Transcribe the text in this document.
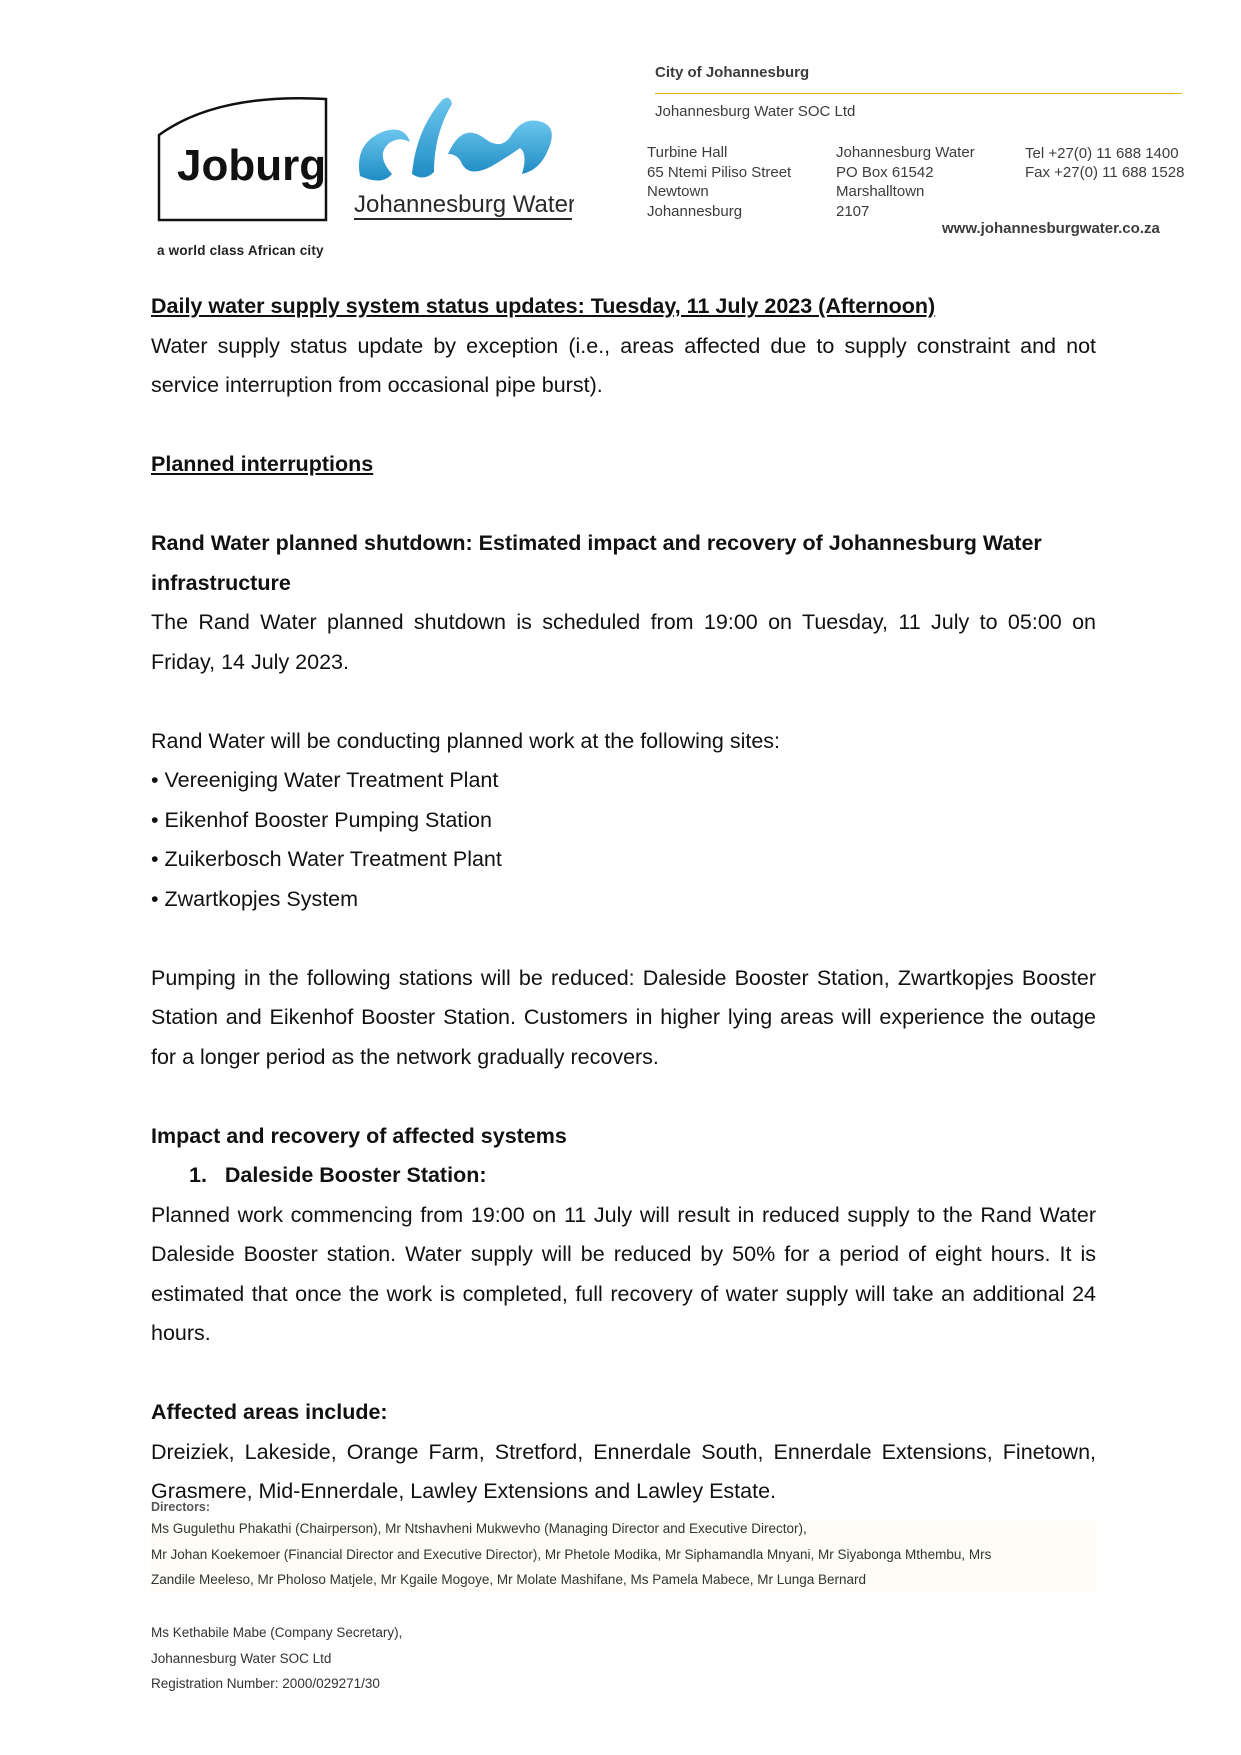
Joburg
a world class African city
Johannesburg Water
City of Johannesburg
Johannesburg Water SOC Ltd
Turbine Hall
65 Ntemi Piliso Street
Newtown
Johannesburg
Johannesburg Water
PO Box 61542
Marshalltown
2107
Tel +27(0) 11 688 1400
Fax +27(0) 11 688 1528
www.johannesburgwater.co.za

Daily water supply system status updates: Tuesday, 11 July 2023 (Afternoon)

Water supply status update by exception (i.e., areas affected due to supply constraint and not service interruption from occasional pipe burst).

Planned interruptions

Rand Water planned shutdown: Estimated impact and recovery of Johannesburg Water infrastructure

The Rand Water planned shutdown is scheduled from 19:00 on Tuesday, 11 July to 05:00 on Friday, 14 July 2023.

Rand Water will be conducting planned work at the following sites:

• Vereeniging Water Treatment Plant

• Eikenhof Booster Pumping Station

• Zuikerbosch Water Treatment Plant

• Zwartkopjes System

Pumping in the following stations will be reduced: Daleside Booster Station, Zwartkopjes Booster Station and Eikenhof Booster Station. Customers in higher lying areas will experience the outage for a longer period as the network gradually recovers.

Impact and recovery of affected systems

1. Daleside Booster Station:

Planned work commencing from 19:00 on 11 July will result in reduced supply to the Rand Water Daleside Booster station. Water supply will be reduced by 50% for a period of eight hours. It is estimated that once the work is completed, full recovery of water supply will take an additional 24 hours.

Affected areas include:

Dreiziek, Lakeside, Orange Farm, Stretford, Ennerdale South, Ennerdale Extensions, Finetown, Grasmere, Mid-Ennerdale, Lawley Extensions and Lawley Estate.

Directors:
Ms Gugulethu Phakathi (Chairperson), Mr Ntshavheni Mukwevho (Managing Director and Executive Director),
Mr Johan Koekemoer (Financial Director and Executive Director), Mr Phetole Modika, Mr Siphamandla Mnyani, Mr Siyabonga Mthembu, Mrs
Zandile Meeleso, Mr Pholoso Matjele, Mr Kgaile Mogoye, Mr Molate Mashifane, Ms Pamela Mabece, Mr Lunga Bernard
Ms Kethabile Mabe (Company Secretary),
Johannesburg Water SOC Ltd
Registration Number: 2000/029271/30
